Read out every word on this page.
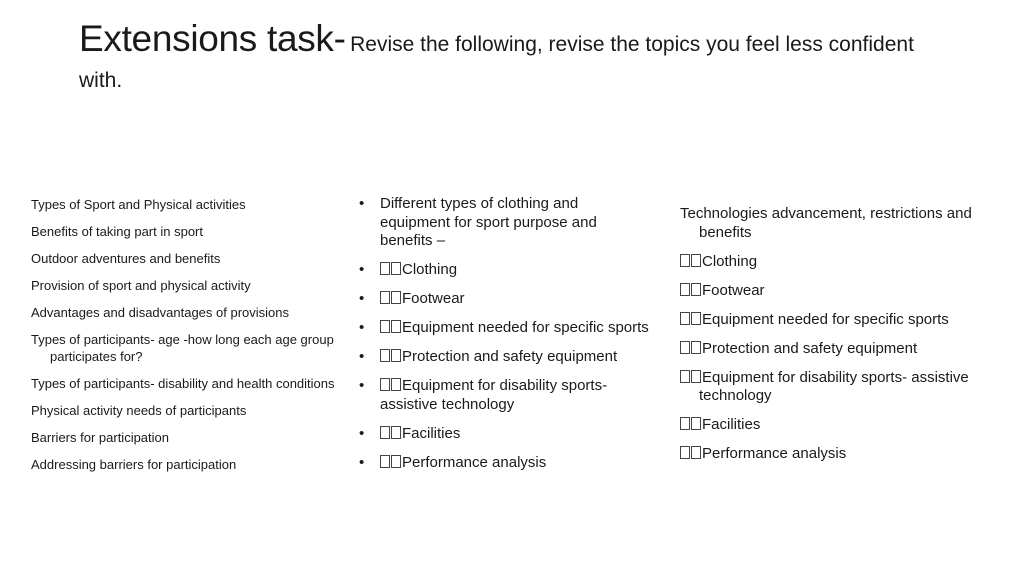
Extensions task- Revise the following, revise the topics you feel less confident with.
Types of Sport and Physical activities
Benefits of taking part in sport
Outdoor adventures and benefits
Provision of sport and physical activity
Advantages and disadvantages of provisions
Types of participants- age -how long each age group participates for?
Types of participants- disability and health conditions
Physical activity needs of participants
Barriers for participation
Addressing barriers for participation
• Different types of clothing and equipment for sport purpose and benefits –
•	Clothing
•	Footwear
•	Equipment needed for specific sports
•	Protection and safety equipment
•	Equipment for disability sports- assistive technology
•	Facilities
•	Performance analysis
Technologies advancement, restrictions and benefits
Clothing
Footwear
Equipment needed for specific sports
Protection and safety equipment
Equipment for disability sports- assistive technology
Facilities
Performance analysis
